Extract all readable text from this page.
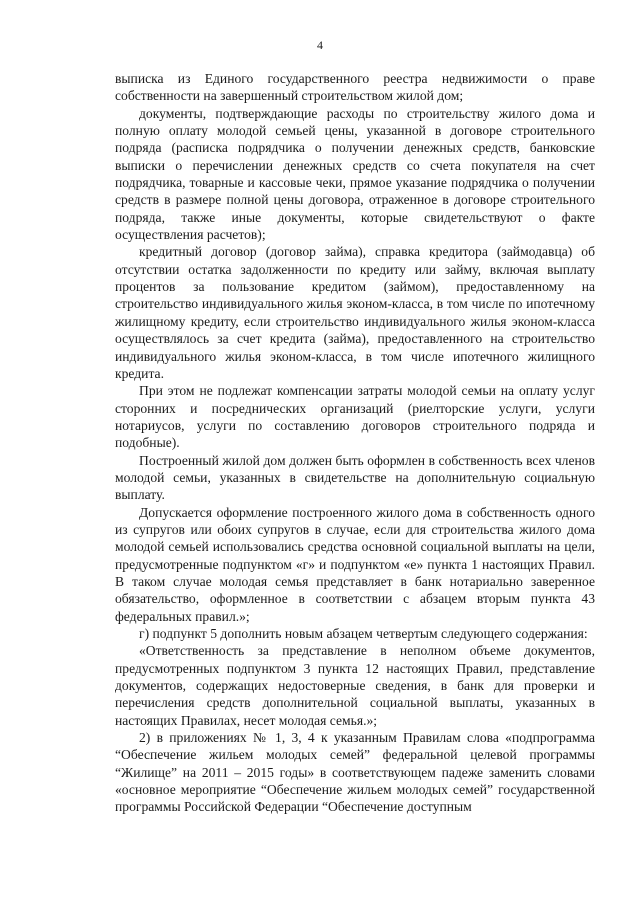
4

выписка из Единого государственного реестра недвижимости о праве собственности на завершенный строительством жилой дом;

документы, подтверждающие расходы по строительству жилого дома и полную оплату молодой семьей цены, указанной в договоре строительного подряда (расписка подрядчика о получении денежных средств, банковские выписки о перечислении денежных средств со счета покупателя на счет подрядчика, товарные и кассовые чеки, прямое указание подрядчика о получении средств в размере полной цены договора, отраженное в договоре строительного подряда, также иные документы, которые свидетельствуют о факте осуществления расчетов);

кредитный договор (договор займа), справка кредитора (займодавца) об отсутствии остатка задолженности по кредиту или займу, включая выплату процентов за пользование кредитом (займом), предоставленному на строительство индивидуального жилья эконом-класса, в том числе по ипотечному жилищному кредиту, если строительство индивидуального жилья эконом-класса осуществлялось за счет кредита (займа), предоставленного на строительство индивидуального жилья эконом-класса, в том числе ипотечного жилищного кредита.

При этом не подлежат компенсации затраты молодой семьи на оплату услуг сторонних и посреднических организаций (риелторские услуги, услуги нотариусов, услуги по составлению договоров строительного подряда и подобные).

Построенный жилой дом должен быть оформлен в собственность всех членов молодой семьи, указанных в свидетельстве на дополнительную социальную выплату.

Допускается оформление построенного жилого дома в собственность одного из супругов или обоих супругов в случае, если для строительства жилого дома молодой семьей использовались средства основной социальной выплаты на цели, предусмотренные подпунктом «г» и подпунктом «е» пункта 1 настоящих Правил. В таком случае молодая семья представляет в банк нотариально заверенное обязательство, оформленное в соответствии с абзацем вторым пункта 43 федеральных правил.»;

г) подпункт 5 дополнить новым абзацем четвертым следующего содержания:

«Ответственность за представление в неполном объеме документов, предусмотренных подпунктом 3 пункта 12 настоящих Правил, представление документов, содержащих недостоверные сведения, в банк для проверки и перечисления средств дополнительной социальной выплаты, указанных в настоящих Правилах, несет молодая семья.»;

2) в приложениях № 1, 3, 4 к указанным Правилам слова «подпрограмма “Обеспечение жильем молодых семей” федеральной целевой программы “Жилище” на 2011 – 2015 годы» в соответствующем падеже заменить словами «основное мероприятие “Обеспечение жильем молодых семей” государственной программы Российской Федерации “Обеспечение доступным
